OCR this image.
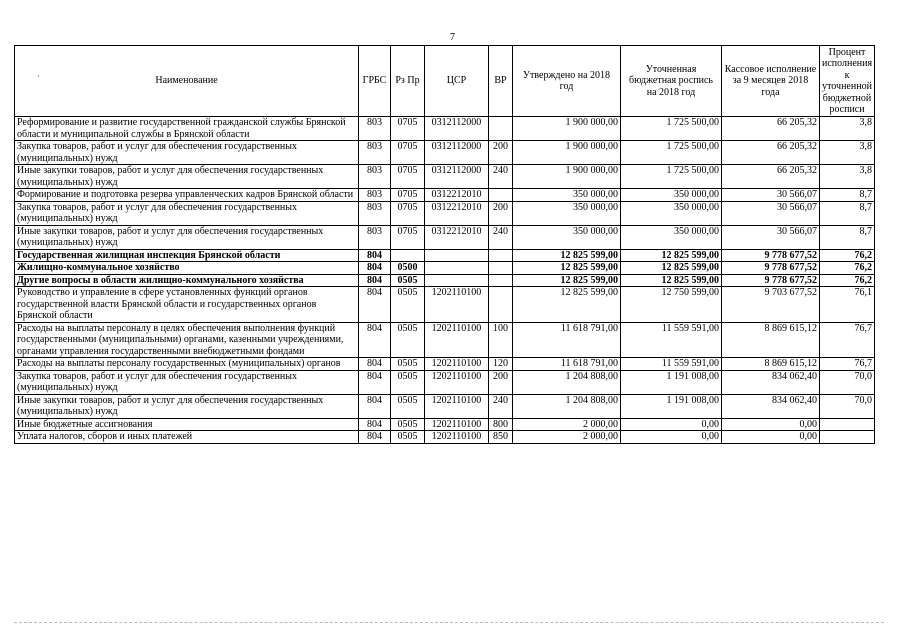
7
·	Наименование	ГРБС	Рз Пр	ЦСР	ВР	Утверждено на 2018 год	Уточненная бюджетная роспись на 2018 год	Кассовое исполнение за 9 месяцев 2018 года	Процент исполнения к уточненной бюджетной росписи
Реформирование и развитие государственной гражданской службы Брянской области и муниципальной службы в Брянской области	803	0705	0312112000		1 900 000,00	1 725 500,00	66 205,32	3,8
Закупка товаров, работ и услуг для обеспечения государственных (муниципальных) нужд	803	0705	0312112000	200	1 900 000,00	1 725 500,00	66 205,32	3,8
Иные закупки товаров, работ и услуг для обеспечения государственных (муниципальных) нужд	803	0705	0312112000	240	1 900 000,00	1 725 500,00	66 205,32	3,8
Формирование и подготовка резерва управленческих кадров Брянской области	803	0705	0312212010		350 000,00	350 000,00	30 566,07	8,7
Закупка товаров, работ и услуг для обеспечения государственных (муниципальных) нужд	803	0705	0312212010	200	350 000,00	350 000,00	30 566,07	8,7
Иные закупки товаров, работ и услуг для обеспечения государственных (муниципальных) нужд	803	0705	0312212010	240	350 000,00	350 000,00	30 566,07	8,7
Государственная жилищная инспекция Брянской области	804				12 825 599,00	12 825 599,00	9 778 677,52	76,2
Жилищно-коммунальное хозяйство	804	0500			12 825 599,00	12 825 599,00	9 778 677,52	76,2
Другие вопросы в области жилищно-коммунального хозяйства	804	0505			12 825 599,00	12 825 599,00	9 778 677,52	76,2
Руководство и управление в сфере установленных функций органов государственной власти Брянской области и государственных органов Брянской области	804	0505	1202110100		12 825 599,00	12 750 599,00	9 703 677,52	76,1
Расходы на выплаты персоналу в целях обеспечения выполнения функций государственными (муниципальными) органами, казенными учреждениями, органами управления государственными внебюджетными фондами	804	0505	1202110100	100	11 618 791,00	11 559 591,00	8 869 615,12	76,7
Расходы на выплаты персоналу государственных (муниципальных) органов	804	0505	1202110100	120	11 618 791,00	11 559 591,00	8 869 615,12	76,7
Закупка товаров, работ и услуг для обеспечения государственных (муниципальных) нужд	804	0505	1202110100	200	1 204 808,00	1 191 008,00	834 062,40	70,0
Иные закупки товаров, работ и услуг для обеспечения государственных (муниципальных) нужд	804	0505	1202110100	240	1 204 808,00	1 191 008,00	834 062,40	70,0
Иные бюджетные ассигнования	804	0505	1202110100	800	2 000,00	0,00	0,00	
Уплата налогов, сборов и иных платежей	804	0505	1202110100	850	2 000,00	0,00	0,00	
